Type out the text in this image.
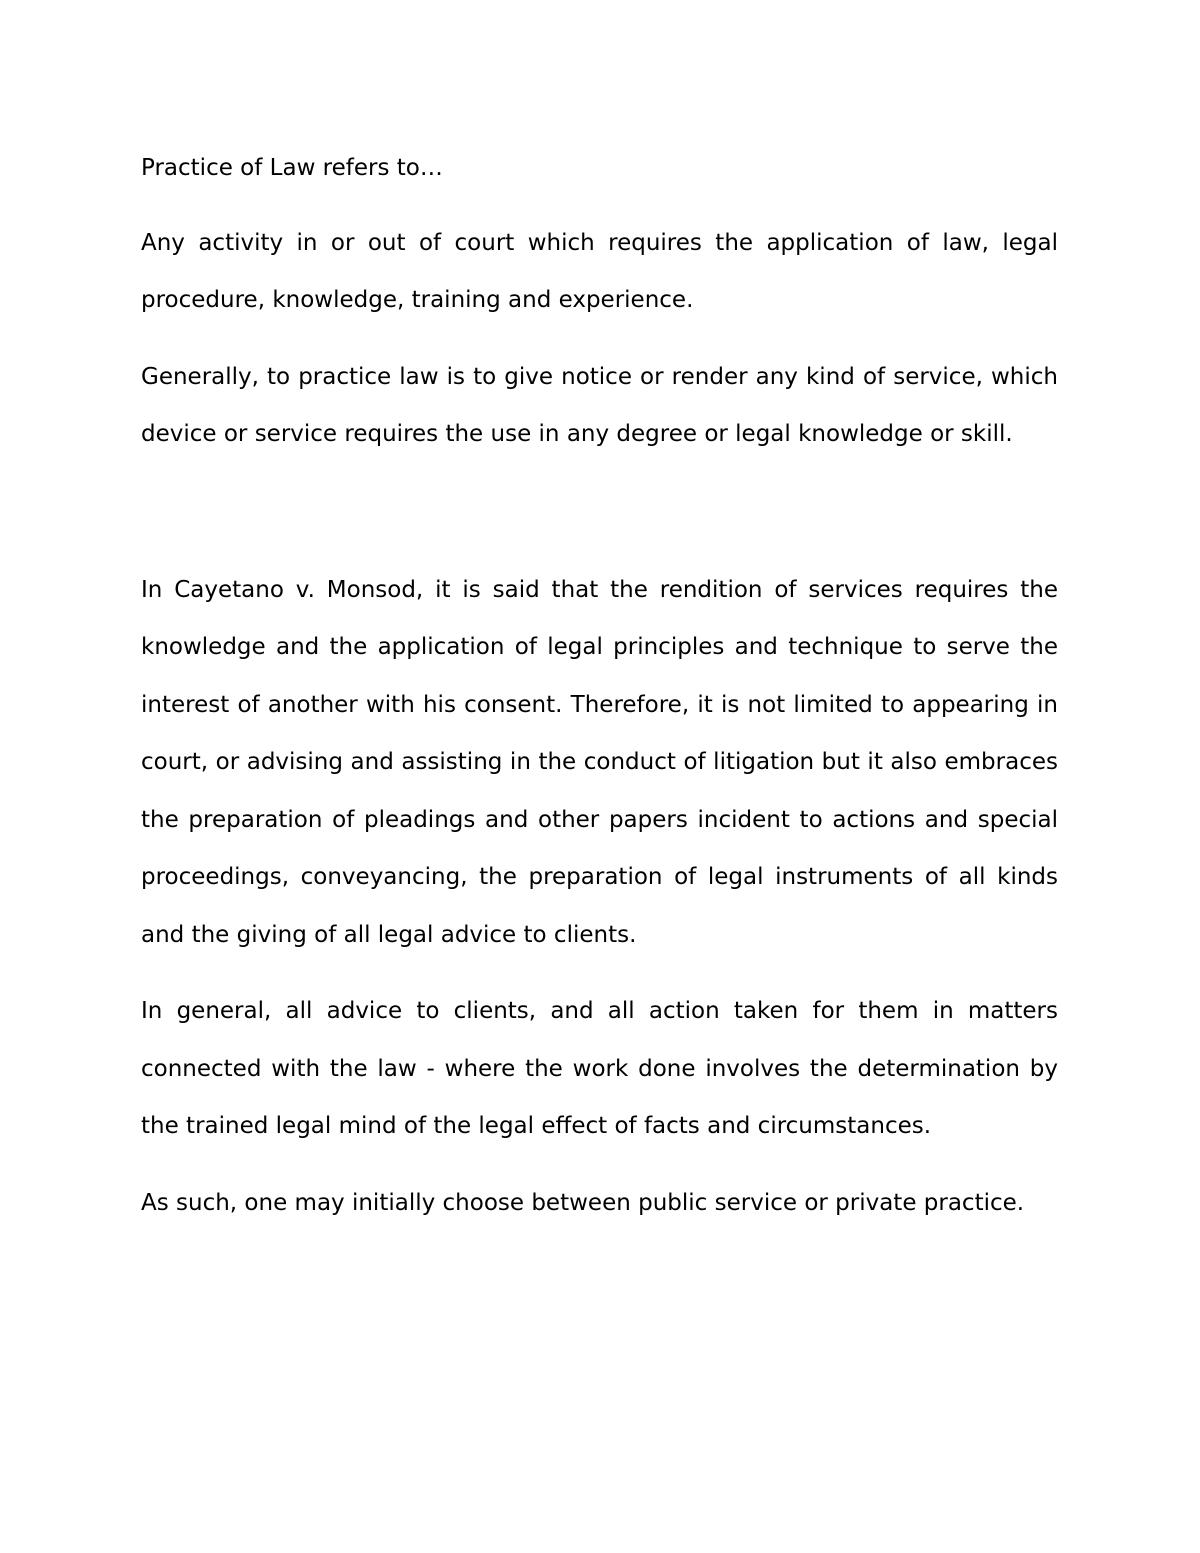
Practice of Law refers to…

Any activity in or out of court which requires the application of law, legal procedure, knowledge, training and experience.

Generally, to practice law is to give notice or render any kind of service, which device or service requires the use in any degree or legal knowledge or skill.

In Cayetano v. Monsod, it is said that the rendition of services requires the knowledge and the application of legal principles and technique to serve the interest of another with his consent. Therefore, it is not limited to appearing in court, or advising and assisting in the conduct of litigation but it also embraces the preparation of pleadings and other papers incident to actions and special proceedings, conveyancing, the preparation of legal instruments of all kinds and the giving of all legal advice to clients.

In general, all advice to clients, and all action taken for them in matters connected with the law - where the work done involves the determination by the trained legal mind of the legal effect of facts and circumstances.

As such, one may initially choose between public service or private practice.
